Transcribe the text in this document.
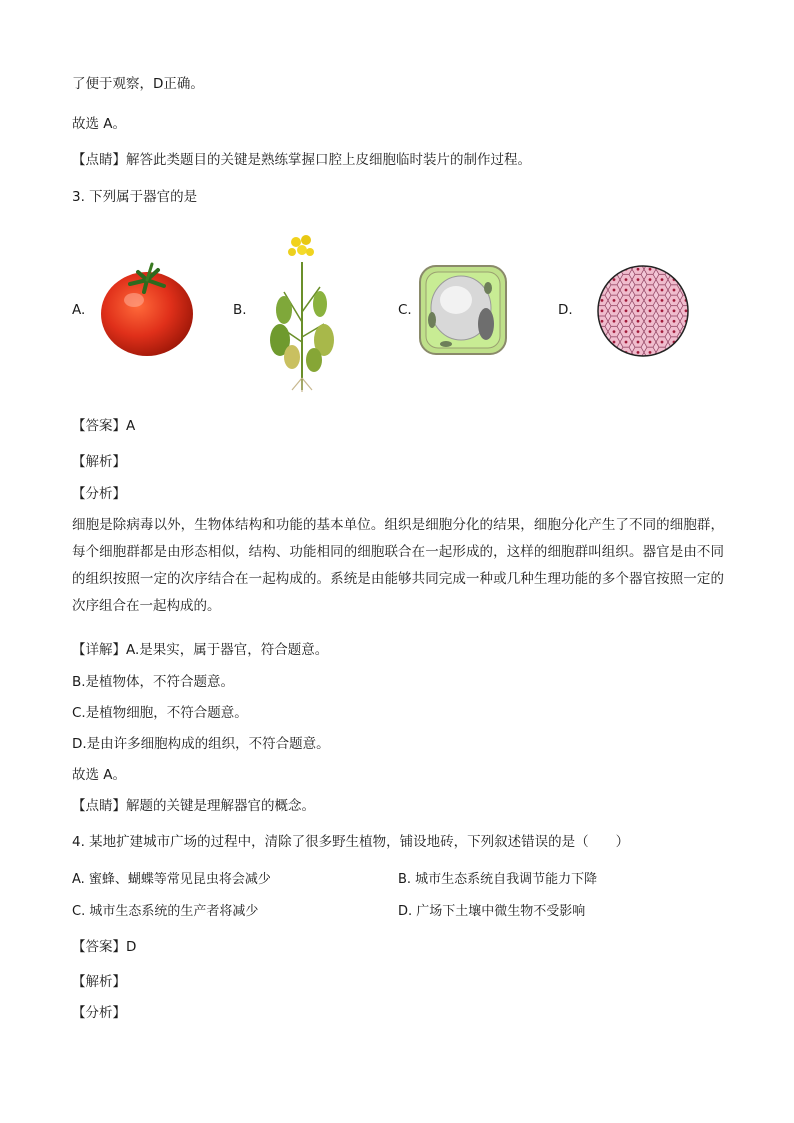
了便于观察，D正确。
故选 A。
【点睛】解答此类题目的关键是熟练掌握口腔上皮细胞临时装片的制作过程。
3. 下列属于器官的是
A.	B.	C.	D.
【答案】A
【解析】
【分析】
细胞是除病毒以外，生物体结构和功能的基本单位。组织是细胞分化的结果，细胞分化产生了不同的细胞群，每个细胞群都是由形态相似，结构、功能相同的细胞联合在一起形成的，这样的细胞群叫组织。器官是由不同的组织按照一定的次序结合在一起构成的。系统是由能够共同完成一种或几种生理功能的多个器官按照一定的次序组合在一起构成的。
【详解】A.是果实，属于器官，符合题意。
B.是植物体，不符合题意。
C.是植物细胞，不符合题意。
D.是由许多细胞构成的组织，不符合题意。
故选 A。
【点睛】解题的关键是理解器官的概念。
4. 某地扩建城市广场的过程中，清除了很多野生植物，铺设地砖，下列叙述错误的是（　　）
A. 蜜蜂、蝴蝶等常见昆虫将会减少	B. 城市生态系统自我调节能力下降
C. 城市生态系统的生产者将减少	D. 广场下土壤中微生物不受影响
【答案】D
【解析】
【分析】
